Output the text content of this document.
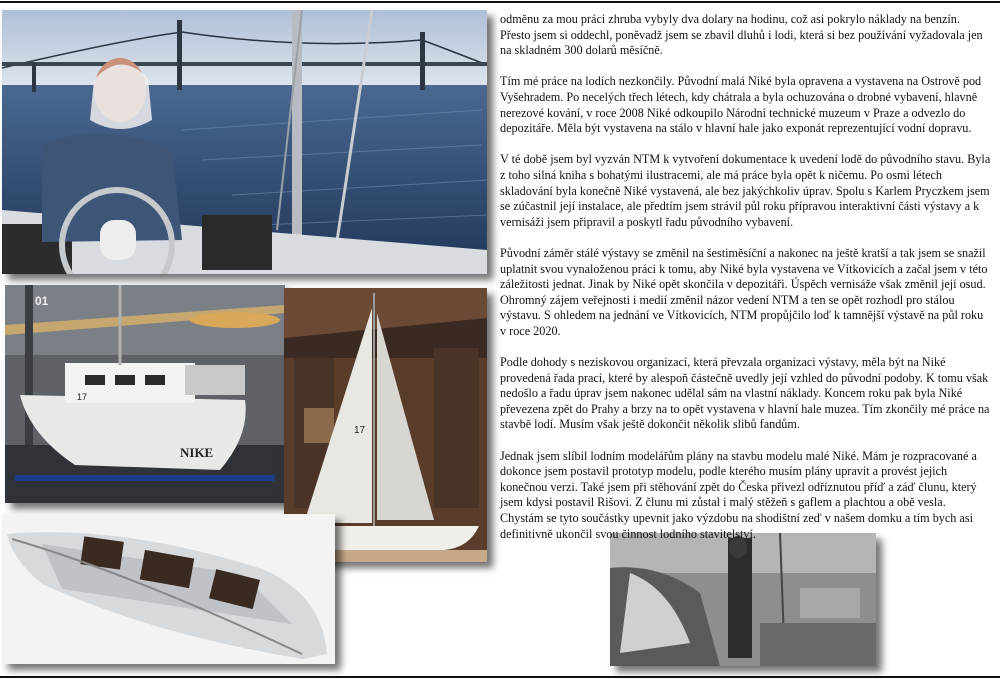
NIKE
17
01
17

odměnu za mou práci zhruba vybyly dva dolary na hodinu, což asi pokrylo náklady na benzín. Přesto jsem si oddechl, poněvadž jsem se zbavil dluhů i lodi, která si bez používání vyžadovala jen na skladném 300 dolarů měsíčně.

Tím mé práce na lodích nezkončily. Původní malá Niké byla opravena a vystavena na Ostrově pod Vyšehradem. Po necelých třech létech, kdy chátrala a byla ochuzována o drobné vybavení, hlavně nerezové kování, v roce 2008 Niké odkoupilo Národní technické muzeum v Praze a odvezlo do depozitáře. Měla být vystavena na stálo v hlavní hale jako exponát reprezentující vodní dopravu.

V té době jsem byl vyzván NTM k vytvoření dokumentace k uvedení lodě do původního stavu. Byla z toho silná kniha s bohatými ilustracemi, ale má práce byla opět k ničemu. Po osmi létech skladování byla konečně Niké vystavená, ale bez jakýchkoliv úprav. Spolu s Karlem Pryczkem jsem se zúčastnil její instalace, ale předtím jsem strávil půl roku přípravou interaktivní části výstavy a k vernisáži jsem připravil a poskytl řadu původního vybavení.

Původní záměr stálé výstavy se změnil na šestiměsíční a nakonec na ještě kratší a tak jsem se snažil uplatnit svou vynaloženou práci k tomu, aby Niké byla vystavena ve Vítkovicích a začal jsem v této záležitosti jednat. Jinak by Niké opět skončila v depozitáři. Úspěch vernisáže však změnil její osud. Ohromný zájem veřejnosti i medií změnil názor vedení NTM a ten se opět rozhodl pro stálou výstavu. S ohledem na jednání ve Vítkovicích, NTM propůjčilo loď k tamnější výstavě na půl roku v roce 2020.

Podle dohody s neziskovou organizací, která převzala organizaci výstavy, měla být na Niké provedená řada prací, které by alespoň částečně uvedly její vzhled do původní podoby. K tomu však nedošlo a řadu úprav jsem nakonec udělal sám na vlastní náklady. Koncem roku pak byla Niké převezena zpět do Prahy a brzy na to opět vystavena v hlavní hale muzea. Tím zkončily mé práce na stavbě lodí. Musím však ještě dokončit několik slibů fandům.

Jednak jsem slíbil lodním modelářům plány na stavbu modelu malé Niké. Mám je rozpracované a dokonce jsem postavil prototyp modelu, podle kterého musím plány upravit a provést jejich konečnou verzi. Také jsem při stěhování zpět do Česka přivezl odříznutou příď a záď člunu, který jsem kdysi postavil Rišovi. Z člunu mi zůstal i malý stěžeň s gaflem a plachtou a obě vesla. Chystám se tyto součástky upevnit jako výzdobu na shodištní zeď v našem domku a tím bych asi definitivně ukončil svou činnost lodního stavitelství.
